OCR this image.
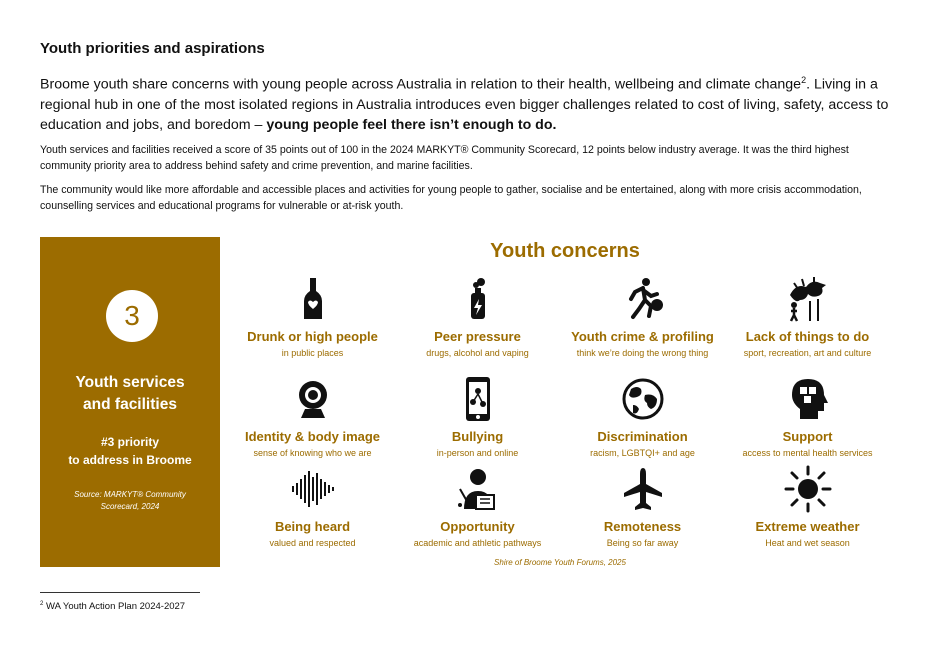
Youth priorities and aspirations
Broome youth share concerns with young people across Australia in relation to their health, wellbeing and climate change$^2$. Living in a regional hub in one of the most isolated regions in Australia introduces even bigger challenges related to cost of living, safety, access to education and jobs, and boredom – young people feel there isn’t enough to do.
Youth services and facilities received a score of 35 points out of 100 in the 2024 MARKYT® Community Scorecard, 12 points below industry average. It was the third highest community priority area to address behind safety and crime prevention, and marine facilities.
The community would like more affordable and accessible places and activities for young people to gather, socialise and be entertained, along with more crisis accommodation, counselling services and educational programs for vulnerable or at-risk youth.
3
Youth services
and facilities
#3 priority
to address in Broome
Source: MARKYT® Community
Scorecard, 2024
Youth concerns
Drunk or high people
in public places
Peer pressure
drugs, alcohol and vaping
Youth crime & profiling
think we’re doing the wrong thing
Lack of things to do
sport, recreation, art and culture
Identity & body image
sense of knowing who we are
Bullying
in-person and online
Discrimination
racism, LGBTQI+ and age
Support
access to mental health services
Being heard
valued and respected
Opportunity
academic and athletic pathways
Remoteness
Being so far away
Extreme weather
Heat and wet season
Shire of Broome Youth Forums, 2025
$^2$ WA Youth Action Plan 2024-2027
